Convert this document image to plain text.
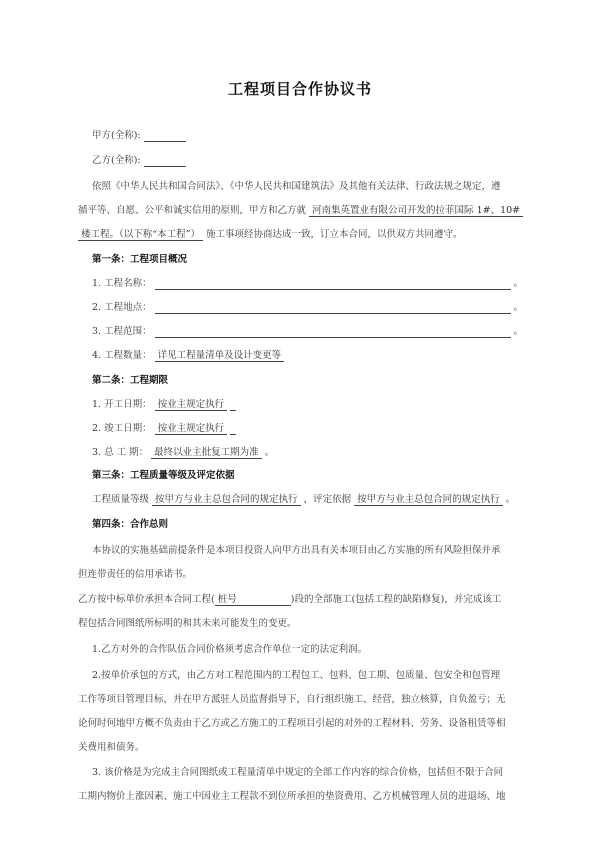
工程项目合作协议书
甲方(全称):
乙方(全称):
依照《中华人民共和国合同法》、《中华人民共和国建筑法》及其他有关法律、行政法规之规定，遵
循平等、自愿、公平和诚实信用的原则，甲方和乙方就 河南集英置业有限公司开发的拉菲国际 1#、10#
楼工程。（以下称“本工程”） 施工事项经协商达成一致，订立本合同，以供双方共同遵守。
第一条：工程项目概况
1. 工程名称：	。
2. 工程地点：	。
3. 工程范围：	。
4. 工程数量： 详见工程量清单及设计变更等
第二条：工程期限
1. 开工日期： 按业主规定执行
2. 竣工日期： 按业主规定执行
3. 总 工 期： 最终以业主批复工期为准 。
第三条：工程质量等级及评定依据
工程质量等级 按甲方与业主总包合同的规定执行 ，评定依据 按甲方与业主总包合同的规定执行 。
第四条：合作总则
本协议的实施基础前提条件是本项目投资人向甲方出具有关本项目由乙方实施的所有风险担保并承
担连带责任的信用承诺书。
乙方按中标单价承担本合同工程( 桩号	)段的全部施工(包括工程的缺陷修复)，并完成该工
程包括合同图纸所标明的和其未来可能发生的变更。
1.乙方对外的合作队伍合同价格须考虑合作单位一定的法定利润。
2.按单价承包的方式，由乙方对工程范围内的工程包工、包料、包工期、包质量、包安全和包管理
工作等项目管理目标，并在甲方派驻人员监督指导下，自行组织施工、经营，独立核算，自负盈亏；无
论何时何地甲方概不负责由于乙方或乙方施工的工程项目引起的对外的工程材料、劳务、设备租赁等相
关费用和债务。
3. 该价格是为完成主合同图纸或工程量清单中规定的全部工作内容的综合价格，包括但不限于合同
工期内物价上涨因素、施工中因业主工程款不到位所承担的垫资费用、乙方机械管理人员的进退场、地
